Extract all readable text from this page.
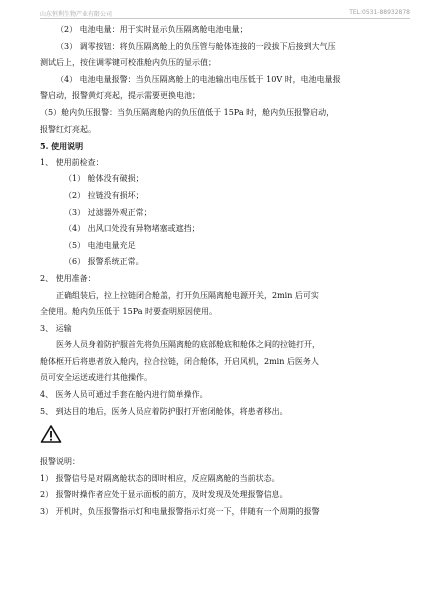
山东恒利生物产业有限公司	TEL:0531-88932878

（2） 电池电量：用于实时显示负压隔离舱电池电量；

（3） 调零按钮：将负压隔离舱上的负压管与舱体连接的一段拔下后接到大气压

测试后上，按住调零键可校准舱内负压的显示值；

（4） 电池电量报警：当负压隔离舱上的电池输出电压低于 10V 时，电池电量报

警启动，报警黄灯亮起，提示需要更换电池；

（5）舱内负压报警：当负压隔离舱内的负压值低于 15Pa 时，舱内负压报警启动，

报警红灯亮起。

5. 使用说明

1、 使用前检查：

（1） 舱体没有破损；

（2） 拉链没有损坏；

（3） 过滤器外观正常；

（4） 出风口处没有异物堵塞或遮挡；

（5） 电池电量充足

（6） 报警系统正常。

2、 使用准备：

正确组装后，拉上拉链闭合舱盖，打开负压隔离舱电源开关，2min 后可实

全使用。舱内负压低于 15Pa 时要查明原因使用。

3、 运输

医务人员身着防护服首先将负压隔离舱的底部舱底和舱体之间的拉链打开，

舱体框开后将患者放入舱内，拉合拉链，闭合舱体，开启风机，2min 后医务人

员可安全运送或进行其他操作。

4、 医务人员可通过手套在舱内进行简单操作。

5、 到达目的地后，医务人员应着防护服打开密闭舱体，将患者移出。

报警说明：

1） 报警信号是对隔离舱状态的即时相应，反应隔离舱的当前状态。

2） 报警时操作者应处于显示面板的前方，及时发现及处理报警信息。

3） 开机时，负压报警指示灯和电量报警指示灯亮一下，伴随有一个周期的报警
